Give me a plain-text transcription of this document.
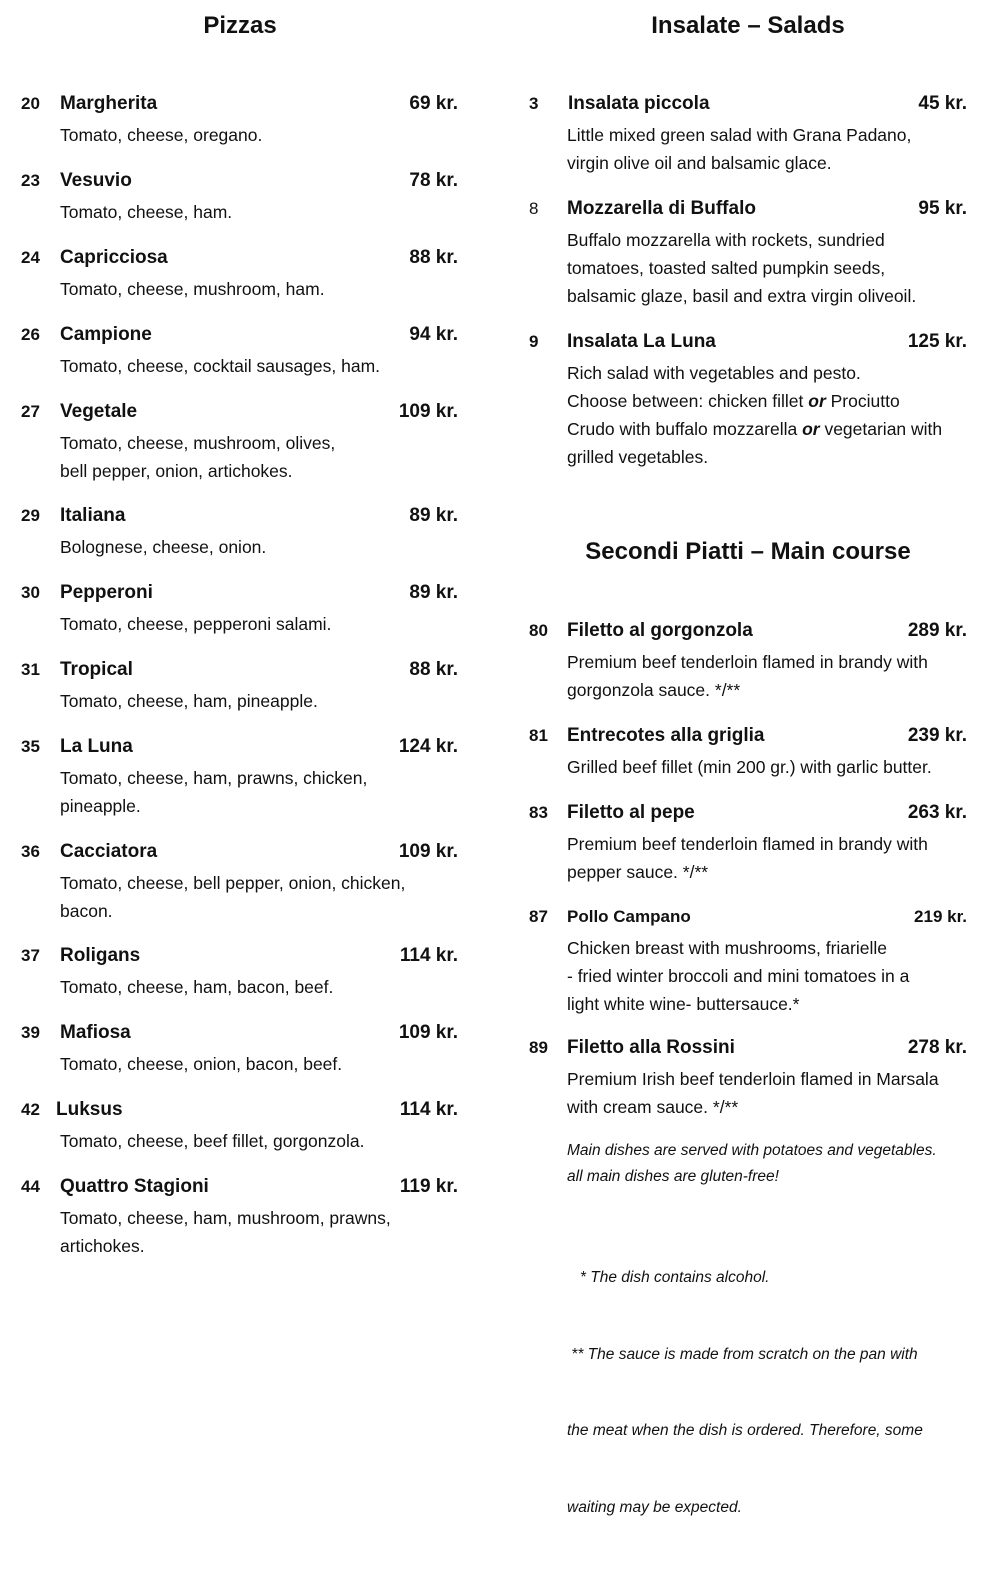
Pizzas
20 Margherita	69 kr.
Tomato, cheese, oregano.
23 Vesuvio	78 kr.
Tomato, cheese, ham.
24 Capricciosa	88 kr.
Tomato, cheese, mushroom, ham.
26 Campione	94 kr.
Tomato, cheese, cocktail sausages, ham.
27 Vegetale	109 kr.
Tomato, cheese, mushroom, olives,
bell pepper, onion, artichokes.
29 Italiana	89 kr.
Bolognese, cheese, onion.
30 Pepperoni	89 kr.
Tomato, cheese, pepperoni salami.
31 Tropical	88 kr.
Tomato, cheese, ham, pineapple.
35 La Luna	124 kr.
Tomato, cheese, ham, prawns, chicken,
pineapple.
36 Cacciatora	109 kr.
Tomato, cheese, bell pepper, onion, chicken,
bacon.
37 Roligans	114 kr.
Tomato, cheese, ham, bacon, beef.
39 Mafiosa	109 kr.
Tomato, cheese, onion, bacon, beef.
42 Luksus	114 kr.
Tomato, cheese, beef fillet, gorgonzola.
44 Quattro Stagioni	119 kr.
Tomato, cheese, ham, mushroom, prawns,
artichokes.
Insalate – Salads
3 Insalata piccola	45 kr.
Little mixed green salad with Grana Padano,
virgin olive oil and balsamic glace.
8 Mozzarella di Buffalo	95 kr.
Buffalo mozzarella with rockets, sundried
tomatoes, toasted salted pumpkin seeds,
balsamic glaze, basil and extra virgin oliveoil.
9 Insalata La Luna	125 kr.
Rich salad with vegetables and pesto.
Choose between: chicken fillet or Prociutto
Crudo with buffalo mozzarella or vegetarian with
grilled vegetables.
Secondi Piatti – Main course
80 Filetto al gorgonzola	289 kr.
Premium beef tenderloin flamed in brandy with
gorgonzola sauce. */**
81 Entrecotes alla griglia	239 kr.
Grilled beef fillet (min 200 gr.) with garlic butter.
83 Filetto al pepe	263 kr.
Premium beef tenderloin flamed in brandy with
pepper sauce. */**
87 Pollo Campano	219 kr.
Chicken breast with mushrooms, friarielle
- fried winter broccoli and mini tomatoes in a
light white wine- buttersauce.*
89 Filetto alla Rossini	278 kr.
Premium Irish beef tenderloin flamed in Marsala
with cream sauce. */**
Main dishes are served with potatoes and vegetables.
all main dishes are gluten-free!

* The dish contains alcohol.

** The sauce is made from scratch on the pan with

the meat when the dish is ordered. Therefore, some

waiting may be expected.
